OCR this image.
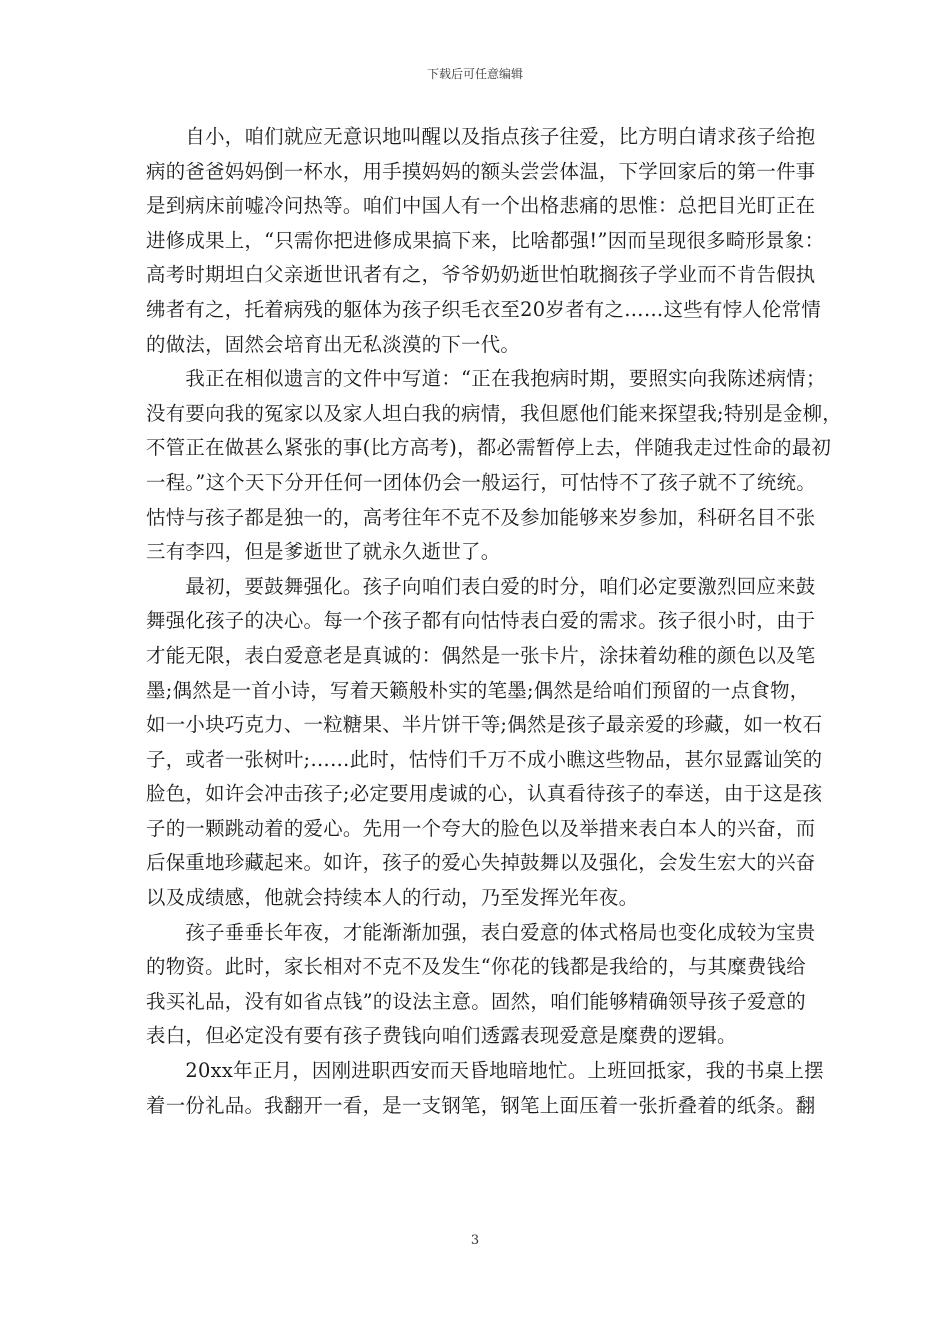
下载后可任意编辑

　　自小，咱们就应无意识地叫醒以及指点孩子往爱，比方明白请求孩子给抱
病的爸爸妈妈倒一杯水，用手摸妈妈的额头尝尝体温，下学回家后的第一件事
是到病床前嘘冷问热等。咱们中国人有一个出格悲痛的思惟：总把目光盯正在
进修成果上，“只需你把进修成果搞下来，比啥都强!”因而呈现很多畸形景象：
高考时期坦白父亲逝世讯者有之，爷爷奶奶逝世怕耽搁孩子学业而不肯告假执
绋者有之，托着病残的躯体为孩子织毛衣至20岁者有之……这些有悖人伦常情
的做法，固然会培育出无私淡漠的下一代。

　　我正在相似遗言的文件中写道：“正在我抱病时期，要照实向我陈述病情；
没有要向我的冤家以及家人坦白我的病情，我但愿他们能来探望我;特别是金柳，
不管正在做甚么紧张的事(比方高考)，都必需暂停上去，伴随我走过性命的最初
一程。”这个天下分开任何一团体仍会一般运行，可怙恃不了孩子就不了统统。
怙恃与孩子都是独一的，高考往年不克不及参加能够来岁参加，科研名目不张
三有李四，但是爹逝世了就永久逝世了。

　　最初，要鼓舞强化。孩子向咱们表白爱的时分，咱们必定要激烈回应来鼓
舞强化孩子的决心。每一个孩子都有向怙恃表白爱的需求。孩子很小时，由于
才能无限，表白爱意老是真诚的：偶然是一张卡片，涂抹着幼稚的颜色以及笔
墨;偶然是一首小诗，写着天籁般朴实的笔墨;偶然是给咱们预留的一点食物，
如一小块巧克力、一粒糖果、半片饼干等;偶然是孩子最亲爱的珍藏，如一枚石
子，或者一张树叶;……此时，怙恃们千万不成小瞧这些物品，甚尔显露讪笑的
脸色，如许会冲击孩子;必定要用虔诚的心，认真看待孩子的奉送，由于这是孩
子的一颗跳动着的爱心。先用一个夸大的脸色以及举措来表白本人的兴奋，而
后保重地珍藏起来。如许，孩子的爱心失掉鼓舞以及强化，会发生宏大的兴奋
以及成绩感，他就会持续本人的行动，乃至发挥光年夜。

　　孩子垂垂长年夜，才能渐渐加强，表白爱意的体式格局也变化成较为宝贵
的物资。此时，家长相对不克不及发生“你花的钱都是我给的，与其糜费钱给
我买礼品，没有如省点钱”的设法主意。固然，咱们能够精确领导孩子爱意的
表白，但必定没有要有孩子费钱向咱们透露表现爱意是糜费的逻辑。

　　20xx年正月，因刚进职西安而天昏地暗地忙。上班回抵家，我的书桌上摆
着一份礼品。我翻开一看，是一支钢笔，钢笔上面压着一张折叠着的纸条。翻

3
